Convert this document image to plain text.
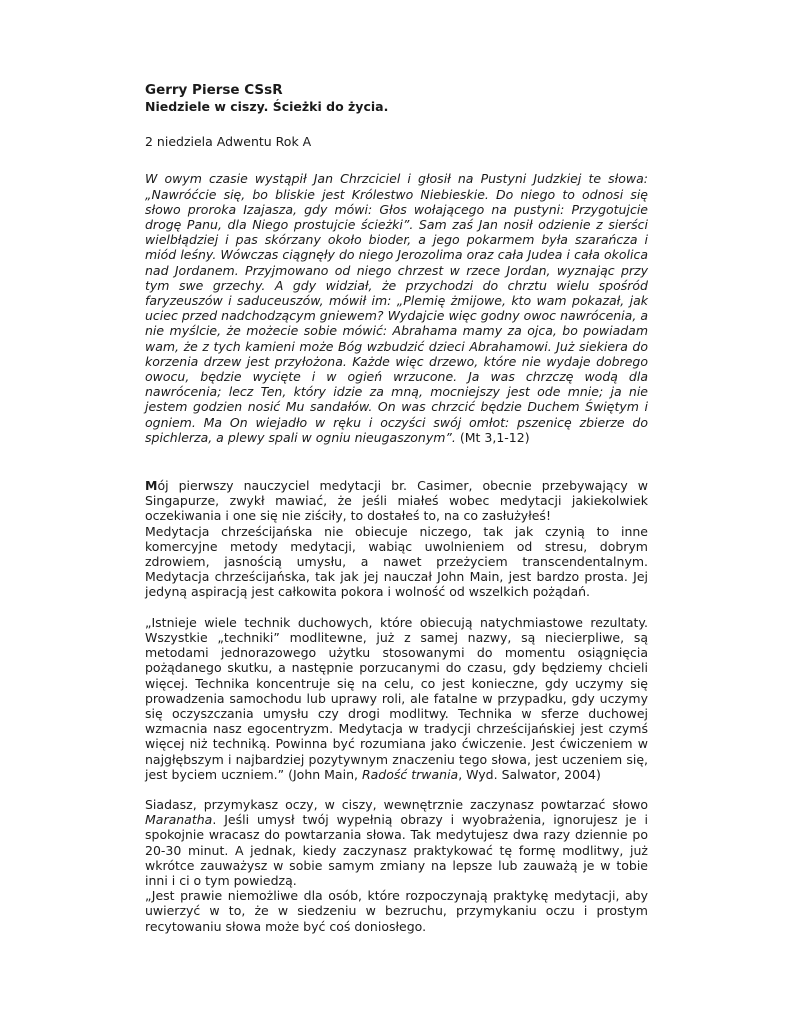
Gerry Pierse CSsR

Niedziele w ciszy. Ścieżki do życia.

2 niedziela Adwentu Rok A

W owym czasie wystąpił Jan Chrzciciel i głosił na Pustyni Judzkiej te słowa: „Nawróćcie się, bo bliskie jest Królestwo Niebieskie. Do niego to odnosi się słowo proroka Izajasza, gdy mówi: Głos wołającego na pustyni: Przygotujcie drogę Panu, dla Niego prostujcie ścieżki”. Sam zaś Jan nosił odzienie z sierści wielbłądziej i pas skórzany około bioder, a jego pokarmem była szarańcza i miód leśny. Wówczas ciągnęły do niego Jerozolima oraz cała Judea i cała okolica nad Jordanem. Przyjmowano od niego chrzest w rzece Jordan, wyznając przy tym swe grzechy. A gdy widział, że przychodzi do chrztu wielu spośród faryzeuszów i saduceuszów, mówił im: „Plemię żmijowe, kto wam pokazał, jak uciec przed nadchodzącym gniewem? Wydajcie więc godny owoc nawrócenia, a nie myślcie, że możecie sobie mówić: Abrahama mamy za ojca, bo powiadam wam, że z tych kamieni może Bóg wzbudzić dzieci Abrahamowi. Już siekiera do korzenia drzew jest przyłożona. Każde więc drzewo, które nie wydaje dobrego owocu, będzie wycięte i w ogień wrzucone. Ja was chrzczę wodą dla nawrócenia; lecz Ten, który idzie za mną, mocniejszy jest ode mnie; ja nie jestem godzien nosić Mu sandałów. On was chrzcić będzie Duchem Świętym i ogniem. Ma On wiejadło w ręku i oczyści swój omłot: pszenicę zbierze do spichlerza, a plewy spali w ogniu nieugaszonym”. (Mt 3,1-12)

Mój pierwszy nauczyciel medytacji br. Casimer, obecnie przebywający w Singapurze, zwykł mawiać, że jeśli miałeś wobec medytacji jakiekolwiek oczekiwania i one się nie ziściły, to dostałeś to, na co zasłużyłeś!

Medytacja chrześcijańska nie obiecuje niczego, tak jak czynią to inne komercyjne metody medytacji, wabiąc uwolnieniem od stresu, dobrym zdrowiem, jasnością umysłu, a nawet przeżyciem transcendentalnym. Medytacja chrześcijańska, tak jak jej nauczał John Main, jest bardzo prosta. Jej jedyną aspiracją jest całkowita pokora i wolność od wszelkich pożądań.

„Istnieje wiele technik duchowych, które obiecują natychmiastowe rezultaty. Wszystkie „techniki” modlitewne, już z samej nazwy, są niecierpliwe, są metodami jednorazowego użytku stosowanymi do momentu osiągnięcia pożądanego skutku, a następnie porzucanymi do czasu, gdy będziemy chcieli więcej. Technika koncentruje się na celu, co jest konieczne, gdy uczymy się prowadzenia samochodu lub uprawy roli, ale fatalne w przypadku, gdy uczymy się oczyszczania umysłu czy drogi modlitwy. Technika w sferze duchowej wzmacnia nasz egocentryzm. Medytacja w tradycji chrześcijańskiej jest czymś więcej niż techniką. Powinna być rozumiana jako ćwiczenie. Jest ćwiczeniem w najgłębszym i najbardziej pozytywnym znaczeniu tego słowa, jest uczeniem się, jest byciem uczniem.” (John Main, Radość trwania, Wyd. Salwator, 2004)

Siadasz, przymykasz oczy, w ciszy, wewnętrznie zaczynasz powtarzać słowo Maranatha. Jeśli umysł twój wypełnią obrazy i wyobrażenia, ignorujesz je i spokojnie wracasz do powtarzania słowa. Tak medytujesz dwa razy dziennie po 20-30 minut. A jednak, kiedy zaczynasz praktykować tę formę modlitwy, już wkrótce zauważysz w sobie samym zmiany na lepsze lub zauważą je w tobie inni i ci o tym powiedzą.

„Jest prawie niemożliwe dla osób, które rozpoczynają praktykę medytacji, aby uwierzyć w to, że w siedzeniu w bezruchu, przymykaniu oczu i prostym recytowaniu słowa może być coś doniosłego.
